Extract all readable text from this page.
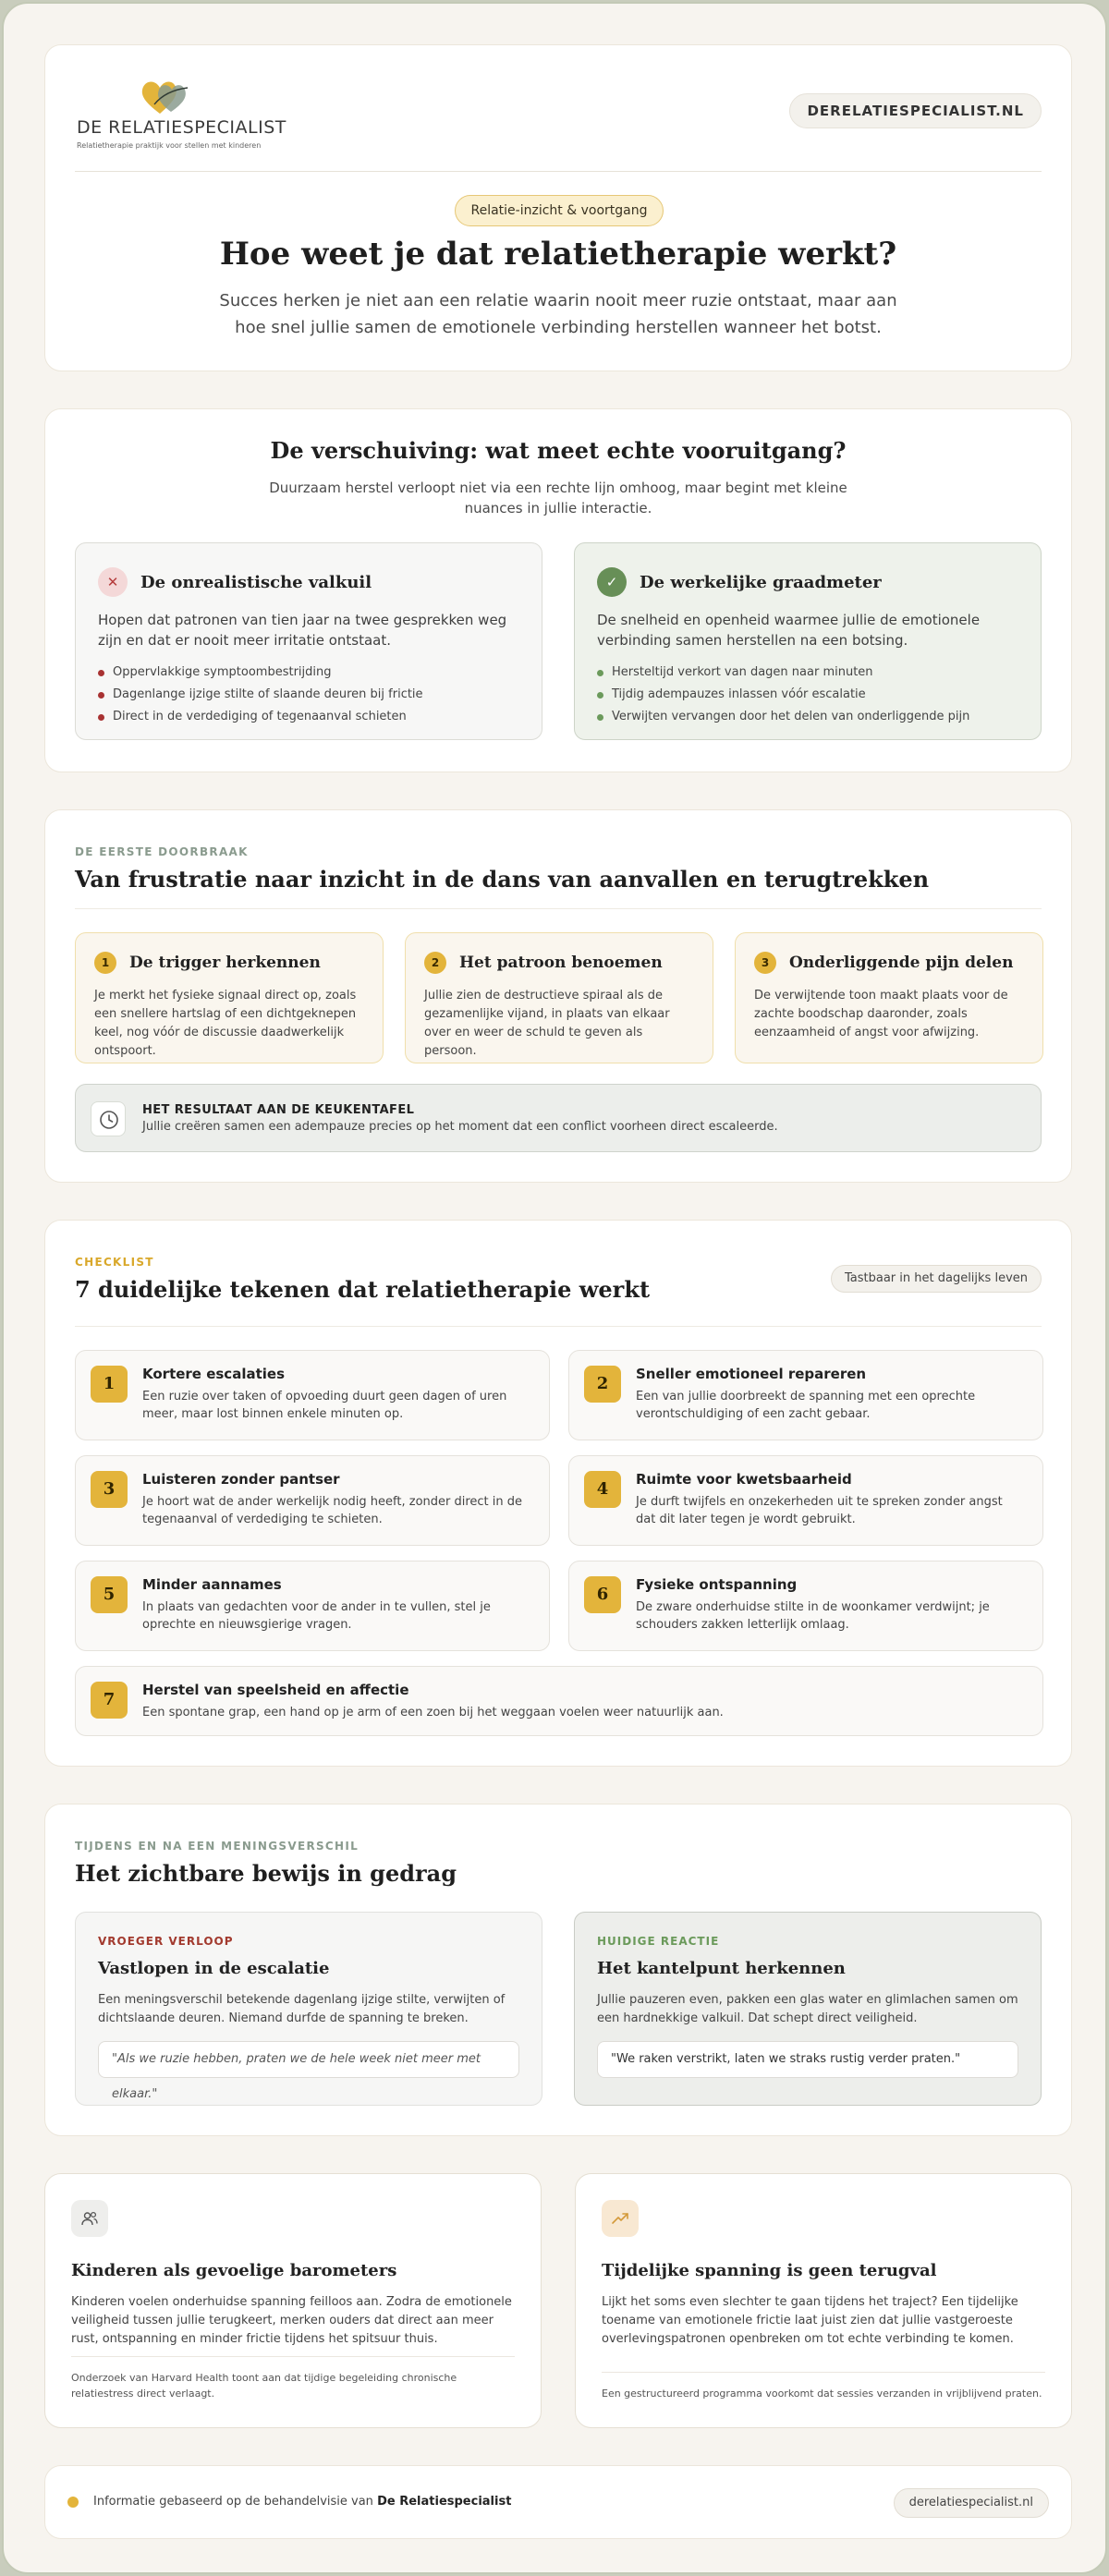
DE RELATIESPECIALIST
Relatietherapie praktijk voor stellen met kinderen
DERELATIESPECIALIST.NL
Relatie-inzicht & voortgang
Hoe weet je dat relatietherapie werkt?

Succes herken je niet aan een relatie waarin nooit meer ruzie ontstaat, maar aan hoe snel jullie samen de emotionele verbinding herstellen wanneer het botst.

De verschuiving: wat meet echte vooruitgang?

Duurzaam herstel verloopt niet via een rechte lijn omhoog, maar begint met kleine nuances in jullie interactie.

✕	De onrealistische valkuil

Hopen dat patronen van tien jaar na twee gesprekken weg zijn en dat er nooit meer irritatie ontstaat.

Oppervlakkige symptoombestrijding
Dagenlange ijzige stilte of slaande deuren bij frictie
Direct in de verdediging of tegenaanval schieten
✓	De werkelijke graadmeter

De snelheid en openheid waarmee jullie de emotionele verbinding samen herstellen na een botsing.

Hersteltijd verkort van dagen naar minuten
Tijdig adempauzes inlassen vóór escalatie
Verwijten vervangen door het delen van onderliggende pijn
DE EERSTE DOORBRAAK
Van frustratie naar inzicht in de dans van aanvallen en terugtrekken
1	De trigger herkennen

Je merkt het fysieke signaal direct op, zoals een snellere hartslag of een dichtgeknepen keel, nog vóór de discussie daadwerkelijk ontspoort.

2	Het patroon benoemen

Jullie zien de destructieve spiraal als de gezamenlijke vijand, in plaats van elkaar over en weer de schuld te geven als persoon.

3	Onderliggende pijn delen

De verwijtende toon maakt plaats voor de zachte boodschap daaronder, zoals eenzaamheid of angst voor afwijzing.

HET RESULTAAT AAN DE KEUKENTAFEL
Jullie creëren samen een adempauze precies op het moment dat een conflict voorheen direct escaleerde.
CHECKLIST
7 duidelijke tekenen dat relatietherapie werkt	Tastbaar in het dagelijks leven
1	Kortere escalaties
Een ruzie over taken of opvoeding duurt geen dagen of uren meer, maar lost binnen enkele minuten op.
2	Sneller emotioneel repareren
Een van jullie doorbreekt de spanning met een oprechte verontschuldiging of een zacht gebaar.
3	Luisteren zonder pantser
Je hoort wat de ander werkelijk nodig heeft, zonder direct in de tegenaanval of verdediging te schieten.
4	Ruimte voor kwetsbaarheid
Je durft twijfels en onzekerheden uit te spreken zonder angst dat dit later tegen je wordt gebruikt.
5	Minder aannames
In plaats van gedachten voor de ander in te vullen, stel je oprechte en nieuwsgierige vragen.
6	Fysieke ontspanning
De zware onderhuidse stilte in de woonkamer verdwijnt; je schouders zakken letterlijk omlaag.
7	Herstel van speelsheid en affectie
Een spontane grap, een hand op je arm of een zoen bij het weggaan voelen weer natuurlijk aan.
TIJDENS EN NA EEN MENINGSVERSCHIL
Het zichtbare bewijs in gedrag
VROEGER VERLOOP
Vastlopen in de escalatie

Een meningsverschil betekende dagenlang ijzige stilte, verwijten of dichtslaande deuren. Niemand durfde de spanning te breken.

"Als we ruzie hebben, praten we de hele week niet meer met elkaar."
HUIDIGE REACTIE
Het kantelpunt herkennen

Jullie pauzeren even, pakken een glas water en glimlachen samen om een hardnekkige valkuil. Dat schept direct veiligheid.

"We raken verstrikt, laten we straks rustig verder praten."
Kinderen als gevoelige barometers

Kinderen voelen onderhuidse spanning feilloos aan. Zodra de emotionele veiligheid tussen jullie terugkeert, merken ouders dat direct aan meer rust, ontspanning en minder frictie tijdens het spitsuur thuis.

Onderzoek van Harvard Health toont aan dat tijdige begeleiding chronische relatiestress direct verlaagt.
Tijdelijke spanning is geen terugval

Lijkt het soms even slechter te gaan tijdens het traject? Een tijdelijke toename van emotionele frictie laat juist zien dat jullie vastgeroeste overlevingspatronen openbreken om tot echte verbinding te komen.

Een gestructureerd programma voorkomt dat sessies verzanden in vrijblijvend praten.
Informatie gebaseerd op de behandelvisie van De Relatiespecialist	derelatiespecialist.nl
